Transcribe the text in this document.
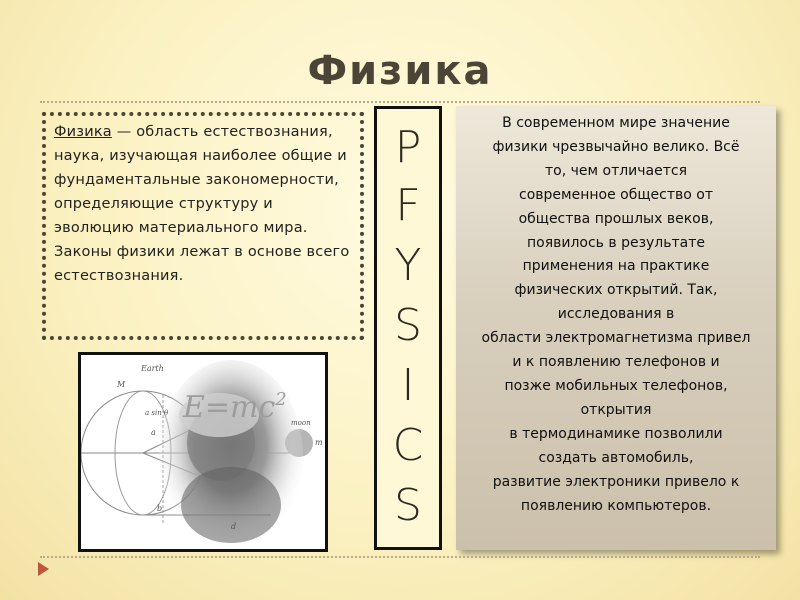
Физика
Физика — область естествознания, наука, изучающая наиболее общие и фундаментальные закономерности, определяющие структуру и эволюцию материального мира. Законы физики лежат в основе всего естествознания.
$E=mc^2$
Earth
moon
M
a sin θ
a
b
d
m
P
F
Y
S
I
C
S
В современном мире значение
физики чрезвычайно велико. Всё
то, чем отличается
современное общество от
общества прошлых веков,
появилось в результате
применения на практике
физических открытий. Так,
исследования в
области электромагнетизма привел
и к появлению телефонов и
позже мобильных телефонов,
открытия
в термодинамике позволили
создать автомобиль,
развитие электроники привело к
появлению компьютеров.
